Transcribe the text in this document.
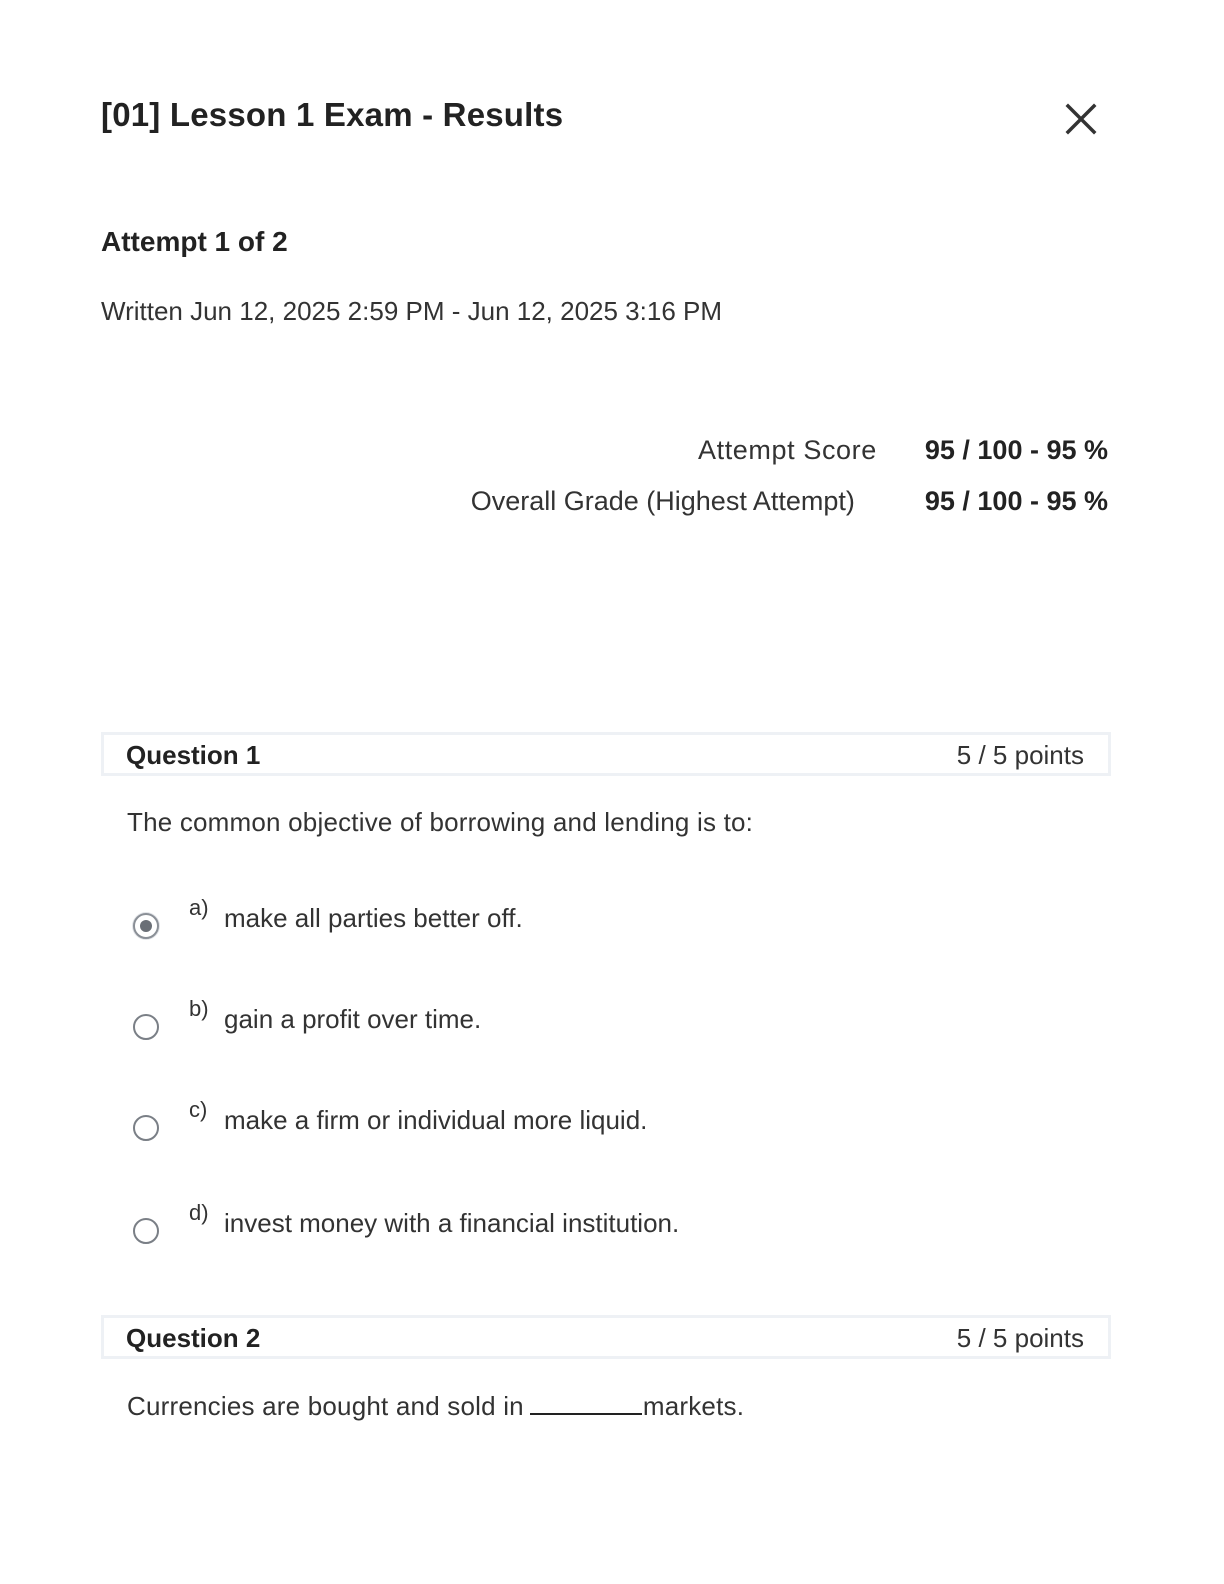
[01] Lesson 1 Exam - Results
Attempt 1 of 2
Written Jun 12, 2025 2:59 PM - Jun 12, 2025 3:16 PM
Attempt Score 95 / 100 - 95 %
Overall Grade (Highest Attempt)	95 / 100 - 95 %
Question 1	5 / 5 points
The common objective of borrowing and lending is to:
a) make all parties better off.
b) gain a profit over time.
c) make a firm or individual more liquid.
d) invest money with a financial institution.
Question 2	5 / 5 points
Currencies are bought and sold in	markets.
